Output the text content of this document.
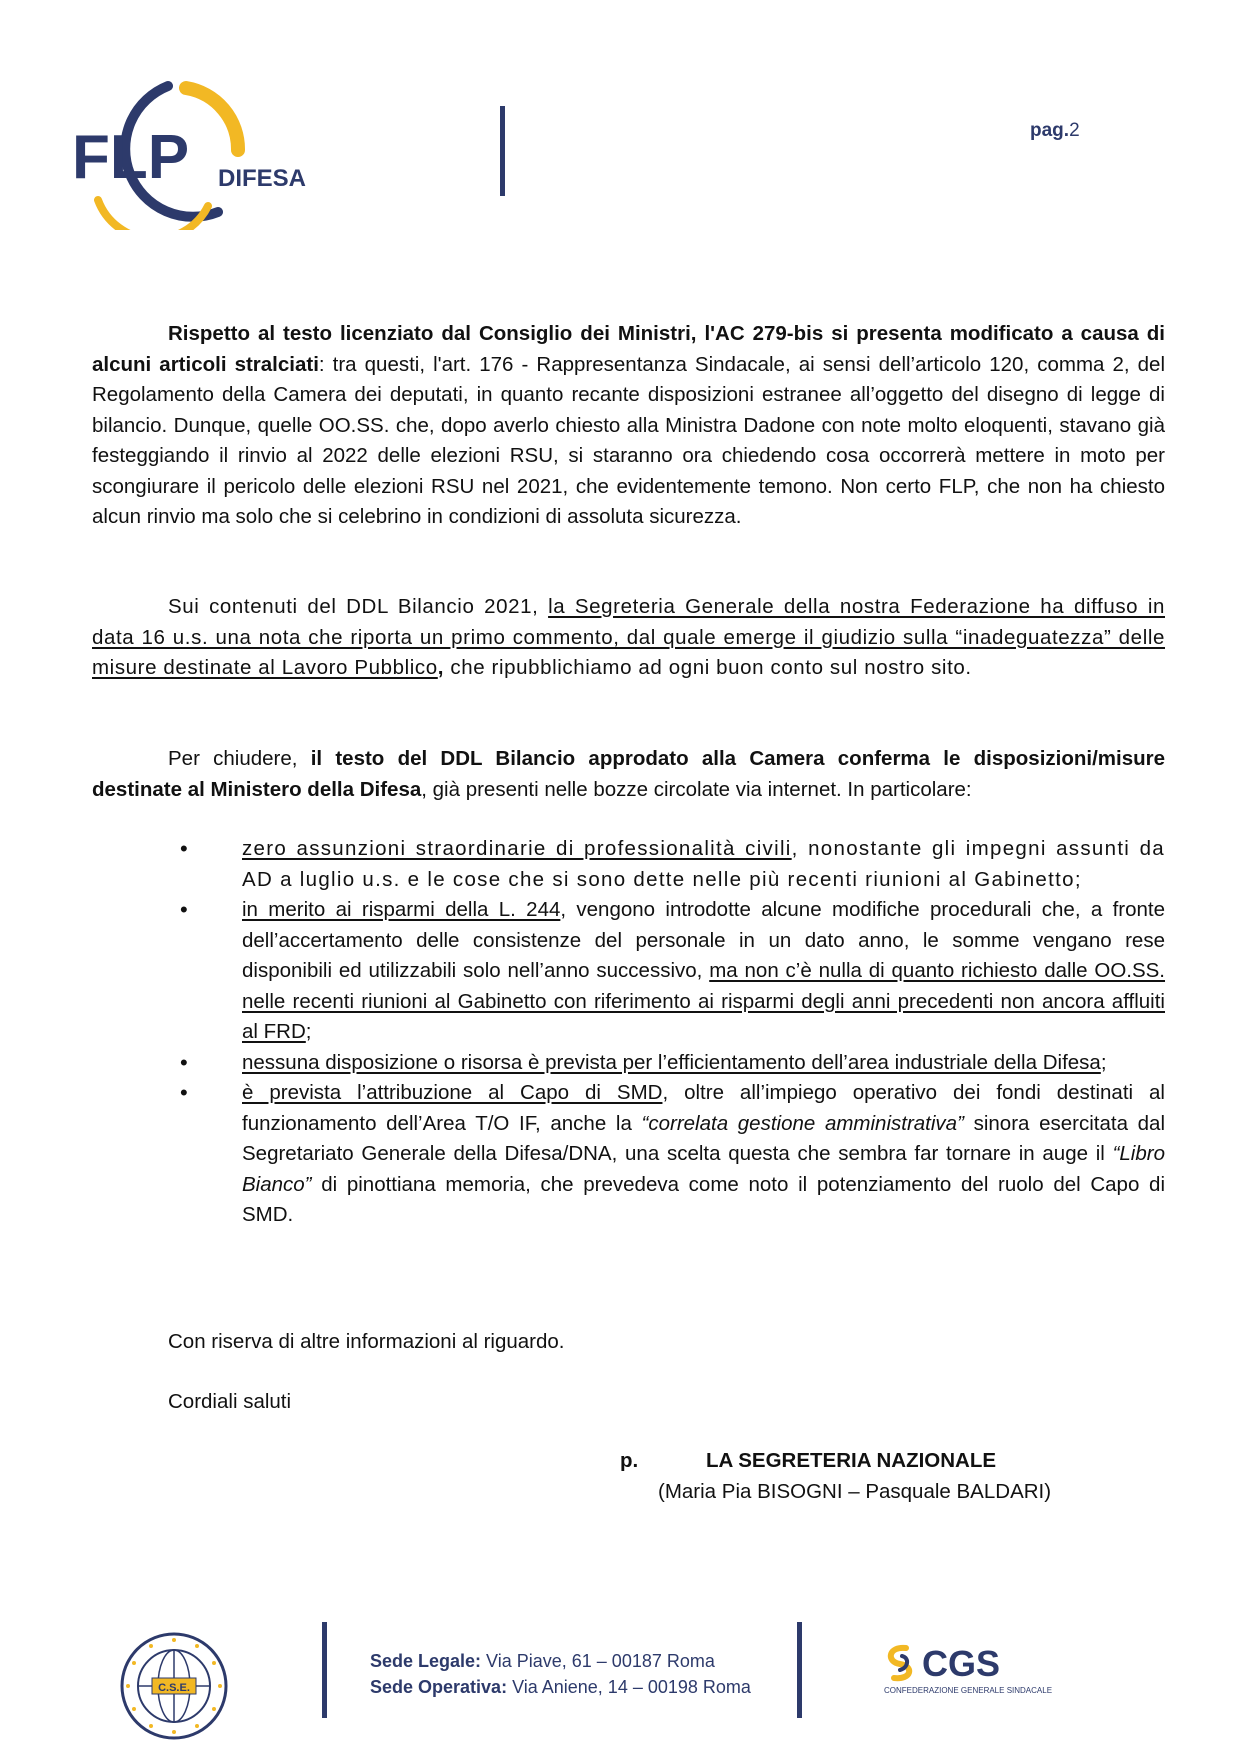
FLP DIFESA
pag.2
Rispetto al testo licenziato dal Consiglio dei Ministri, l'AC 279-bis si presenta modificato a causa di alcuni articoli stralciati: tra questi, l'art. 176 - Rappresentanza Sindacale, ai sensi dell’articolo 120, comma 2, del Regolamento della Camera dei deputati, in quanto recante disposizioni estranee all’oggetto del disegno di legge di bilancio. Dunque, quelle OO.SS. che, dopo averlo chiesto alla Ministra Dadone con note molto eloquenti, stavano già festeggiando il rinvio al 2022 delle elezioni RSU, si staranno ora chiedendo cosa occorrerà mettere in moto per scongiurare il pericolo delle elezioni RSU nel 2021, che evidentemente temono. Non certo FLP, che non ha chiesto alcun rinvio ma solo che si celebrino in condizioni di assoluta sicurezza.
Sui contenuti del DDL Bilancio 2021, la Segreteria Generale della nostra Federazione ha diffuso in data 16 u.s. una nota che riporta un primo commento, dal quale emerge il giudizio sulla “inadeguatezza” delle misure destinate al Lavoro Pubblico, che ripubblichiamo ad ogni buon conto sul nostro sito.
Per chiudere, il testo del DDL Bilancio approdato alla Camera conferma le disposizioni/misure destinate al Ministero della Difesa, già presenti nelle bozze circolate via internet. In particolare:
•	zero assunzioni straordinarie di professionalità civili, nonostante gli impegni assunti da AD a luglio u.s. e le cose che si sono dette nelle più recenti riunioni al Gabinetto;
•	in merito ai risparmi della L. 244, vengono introdotte alcune modifiche procedurali che, a fronte dell’accertamento delle consistenze del personale in un dato anno, le somme vengano rese disponibili ed utilizzabili solo nell’anno successivo, ma non c’è nulla di quanto richiesto dalle OO.SS. nelle recenti riunioni al Gabinetto con riferimento ai risparmi degli anni precedenti non ancora affluiti al FRD;
•	nessuna disposizione o risorsa è prevista per l’efficientamento dell’area industriale della Difesa;
•	è prevista l’attribuzione al Capo di SMD, oltre all’impiego operativo dei fondi destinati al funzionamento dell’Area T/O IF, anche la “correlata gestione amministrativa” sinora esercitata dal Segretariato Generale della Difesa/DNA, una scelta questa che sembra far tornare in auge il “Libro Bianco” di pinottiana memoria, che prevedeva come noto il potenziamento del ruolo del Capo di SMD.
Con riserva di altre informazioni al riguardo.
Cordiali saluti
p.	LA SEGRETERIA NAZIONALE
(Maria Pia BISOGNI – Pasquale BALDARI)
C.S.E.
Sede Legale: Via Piave, 61 – 00187 Roma
Sede Operativa: Via Aniene, 14 – 00198 Roma
CGS
CONFEDERAZIONE GENERALE SINDACALE
